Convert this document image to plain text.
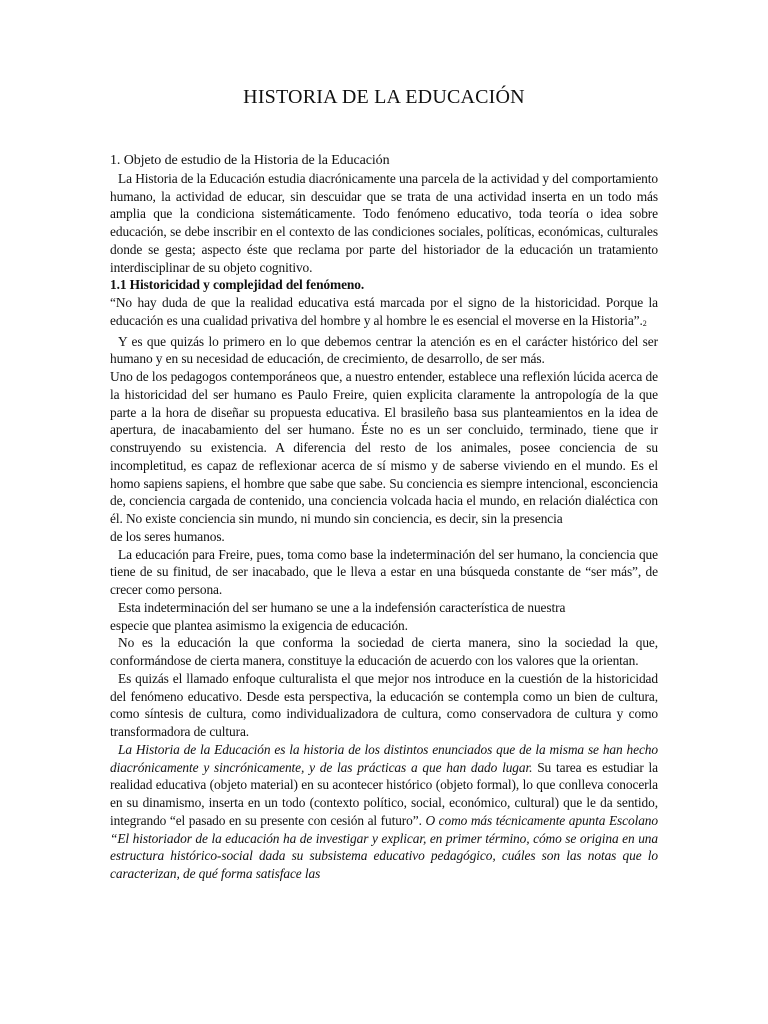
HISTORIA DE LA EDUCACIÓN

1. Objeto de estudio de la Historia de la Educación

La Historia de la Educación estudia diacrónicamente una parcela de la actividad y del comportamiento humano, la actividad de educar, sin descuidar que se trata de una actividad inserta en un todo más amplia que la condiciona sistemáticamente. Todo fenómeno educativo, toda teoría o idea sobre educación, se debe inscribir en el contexto de las condiciones sociales, políticas, económicas, culturales donde se gesta; aspecto éste que reclama por parte del historiador de la educación un tratamiento interdisciplinar de su objeto cognitivo.

1.1 Historicidad y complejidad del fenómeno.

“No hay duda de que la realidad educativa está marcada por el signo de la historicidad. Porque la educación es una cualidad privativa del hombre y al hombre le es esencial el moverse en la $Historia”._2$

Y es que quizás lo primero en lo que debemos centrar la atención es en el carácter histórico del ser humano y en su necesidad de educación, de crecimiento, de desarrollo, de ser más.

Uno de los pedagogos contemporáneos que, a nuestro entender, establece una reflexión lúcida acerca de la historicidad del ser humano es Paulo Freire, quien explicita claramente la antropología de la que parte a la hora de diseñar su propuesta educativa. El brasileño basa sus planteamientos en la idea de apertura, de inacabamiento del ser humano. Éste no es un ser concluido, terminado, tiene que ir construyendo su existencia. A diferencia del resto de los animales, posee conciencia de su incompletitud, es capaz de reflexionar acerca de sí mismo y de saberse viviendo en el mundo. Es el homo sapiens sapiens, el hombre que sabe que sabe. Su conciencia es siempre intencional, esconciencia de, conciencia cargada de contenido, una conciencia volcada hacia el mundo, en relación dialéctica con él. No existe conciencia sin mundo, ni mundo sin conciencia, es decir, sin la presencia

de los seres humanos.

La educación para Freire, pues, toma como base la indeterminación del ser humano, la conciencia que tiene de su finitud, de ser inacabado, que le lleva a estar en una búsqueda constante de “ser más”, de crecer como persona.

Esta indeterminación del ser humano se une a la indefensión característica de nuestra

especie que plantea asimismo la exigencia de educación.

No es la educación la que conforma la sociedad de cierta manera, sino la sociedad la que, conformándose de cierta manera, constituye la educación de acuerdo con los valores que la orientan.

Es quizás el llamado enfoque culturalista el que mejor nos introduce en la cuestión de la historicidad del fenómeno educativo. Desde esta perspectiva, la educación se contempla como un bien de cultura, como síntesis de cultura, como individualizadora de cultura, como conservadora de cultura y como transformadora de cultura.

La Historia de la Educación es la historia de los distintos enunciados que de la misma se han hecho diacrónicamente y sincrónicamente, y de las prácticas a que han dado lugar. Su tarea es estudiar la realidad educativa (objeto material) en su acontecer histórico (objeto formal), lo que conlleva conocerla en su dinamismo, inserta en un todo (contexto político, social, económico, cultural) que le da sentido, integrando “el pasado en su presente con cesión al futuro”. O como más técnicamente apunta Escolano “El historiador de la educación ha de investigar y explicar, en primer término, cómo se origina en una estructura histórico-social dada su subsistema educativo pedagógico, cuáles son las notas que lo caracterizan, de qué forma satisface las
